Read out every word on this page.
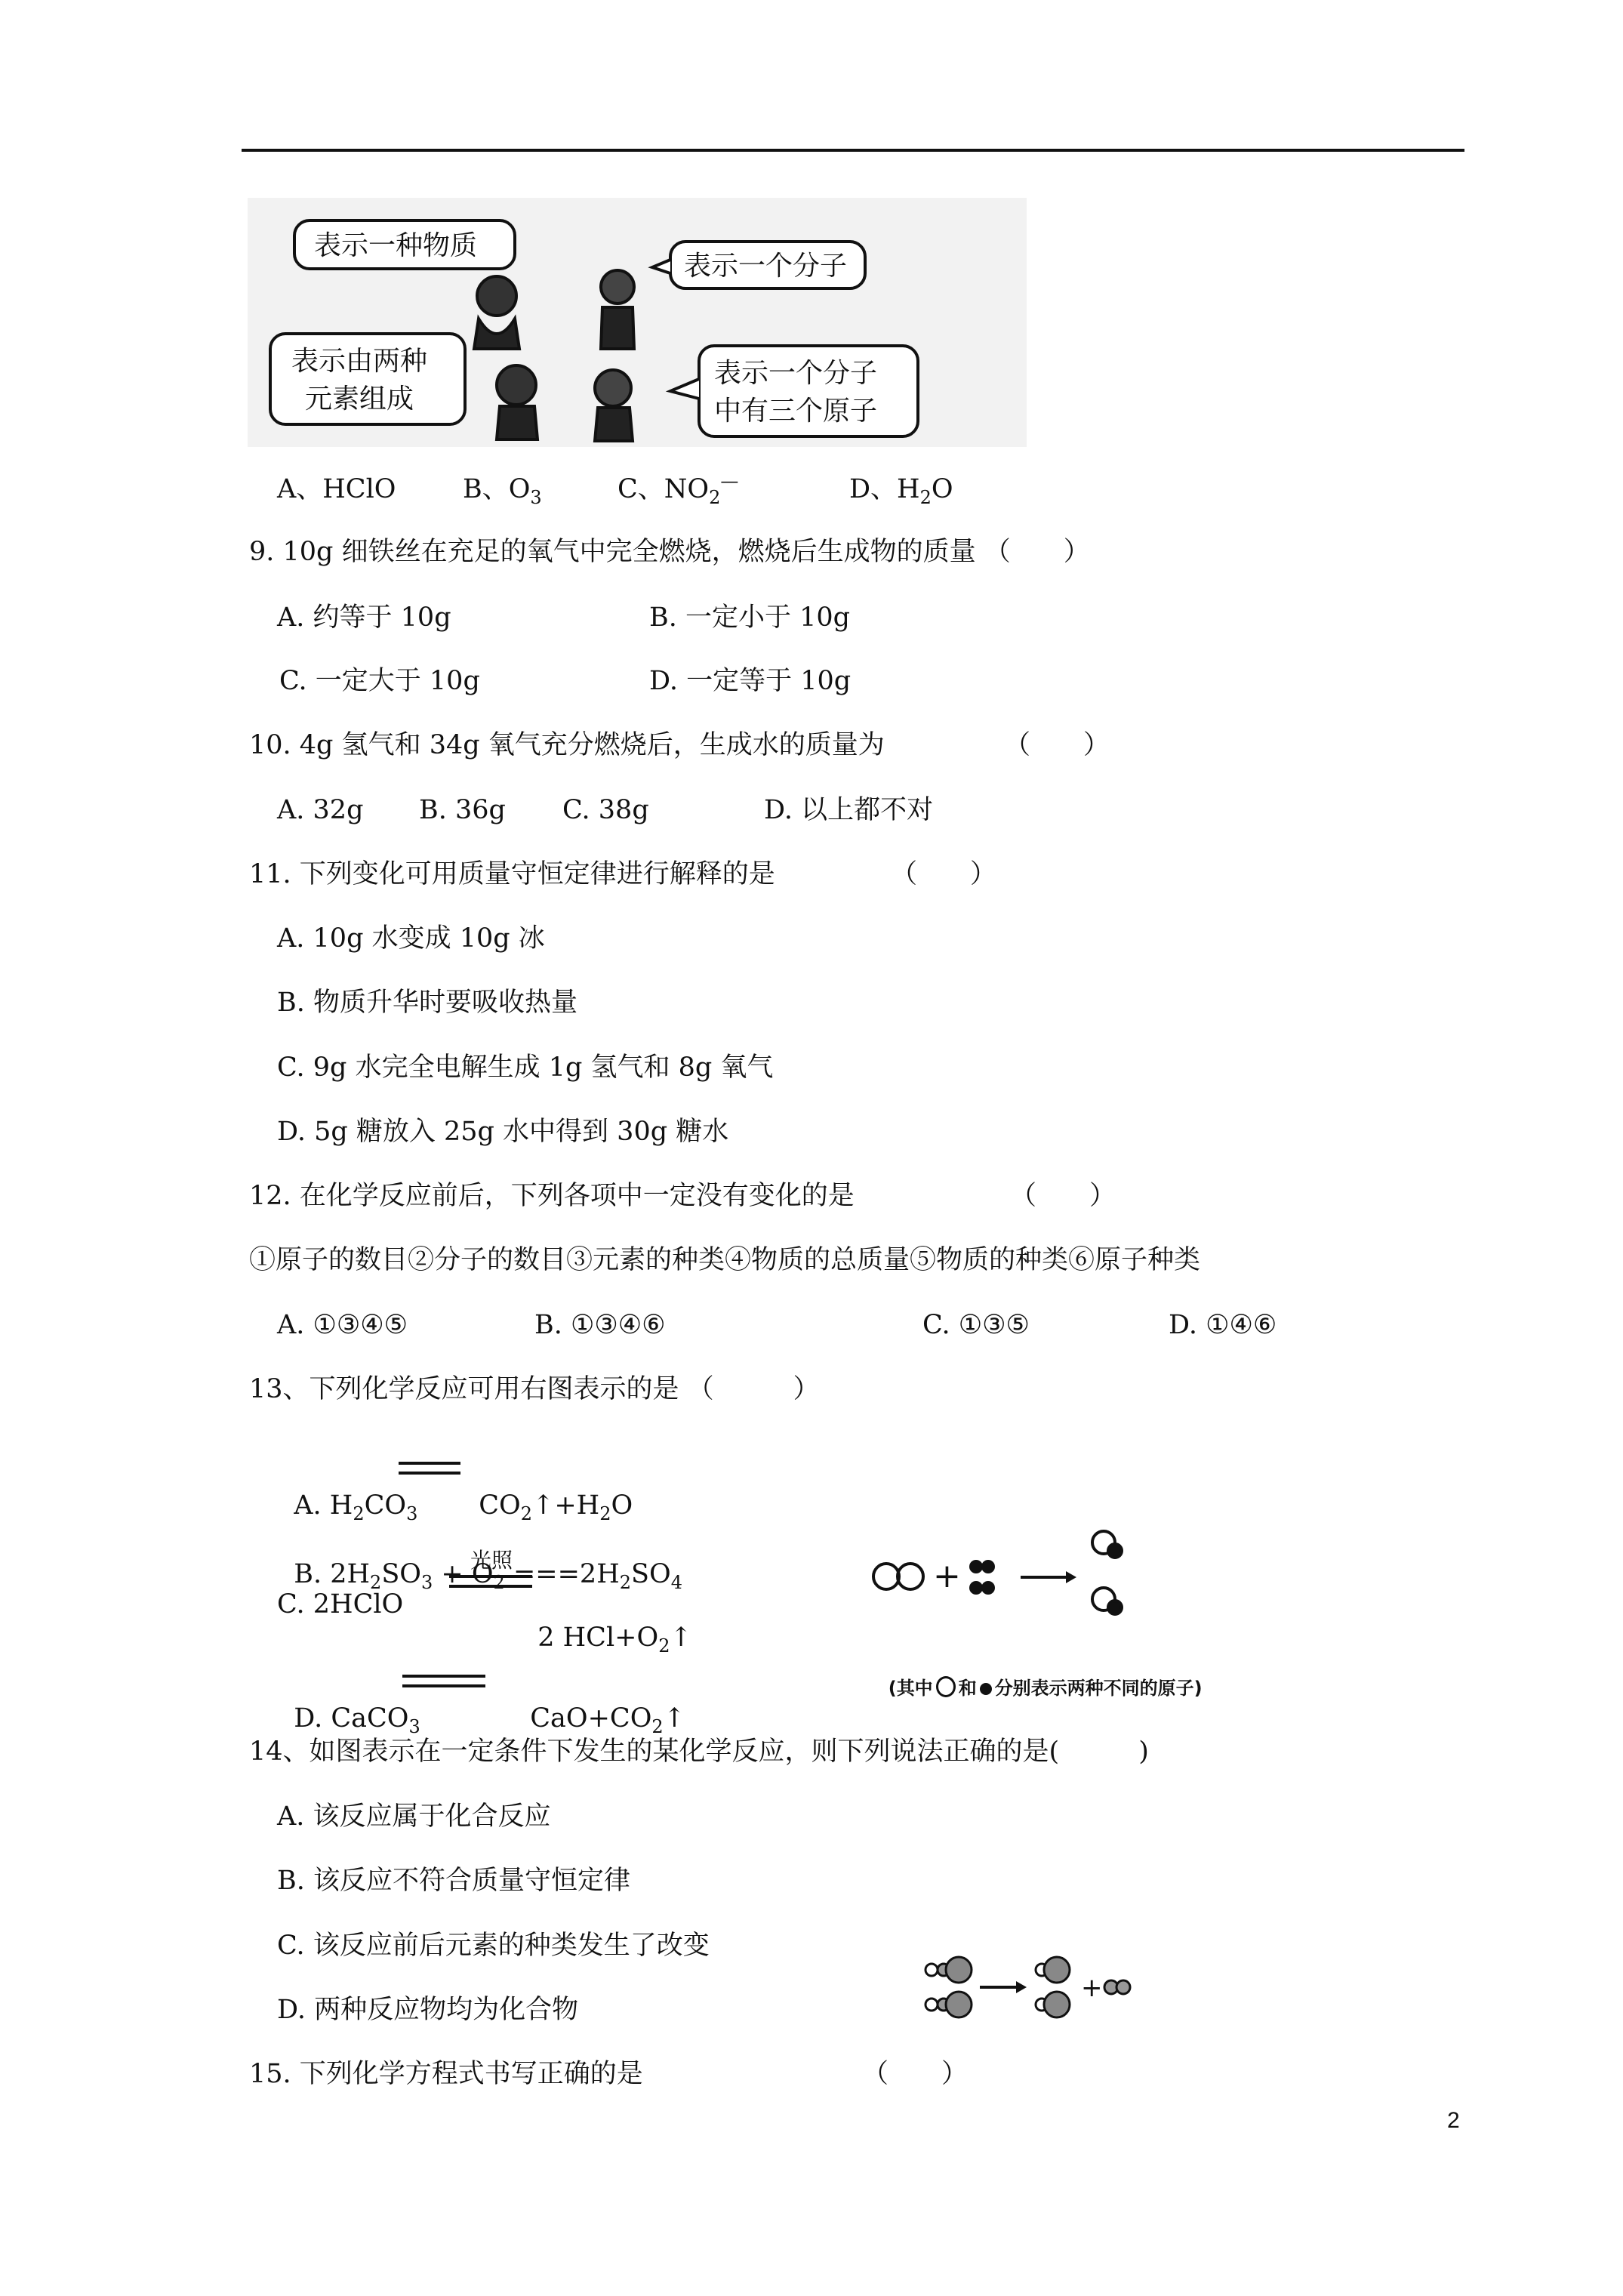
表示一种物质
表示一个分子
表示由两种
元素组成
表示一个分子
中有三个原子
A、HClO	B、$O_3$	C、$NO_2^—$	D、$H_2O$
9. 10g 细铁丝在充足的氧气中完全燃烧，燃烧后生成物的质量 （　　）
A. 约等于 10g	B. 一定小于 10g
C. 一定大于 10g	D. 一定等于 10g
10. 4g 氢气和 34g 氧气充分燃烧后，生成水的质量为	（　　）
A. 32g B. 36g C. 38g	D. 以上都不对
11. 下列变化可用质量守恒定律进行解释的是	（　　）
A. 10g 水变成 10g 冰
B. 物质升华时要吸收热量
C. 9g 水完全电解生成 1g 氢气和 8g 氧气
D. 5g 糖放入 25g 水中得到 30g 糖水
12. 在化学反应前后，下列各项中一定没有变化的是	（　　）
①原子的数目②分子的数目③元素的种类④物质的总质量⑤物质的种类⑥原子种类
A. ①③④⑤	B. ①③④⑥	C. ①③⑤	D. ①④⑥
13、下列化学反应可用右图表示的是 （　　　）

A. $H_2CO_3$	$CO_2↑+H_2O$

B. $2H_2SO_3 + O_2 ===2H_2SO_4$

光照
C. 2HClO

2 $HCl+O_2↑$

D. CaCO$_3$	$CaO+CO_2↑$

+

(其中 和 分别表示两种不同的原子)

14、如图表示在一定条件下发生的某化学反应，则下列说法正确的是(　　　)
A. 该反应属于化合反应
B. 该反应不符合质量守恒定律
C. 该反应前后元素的种类发生了改变
D. 两种反应物均为化合物
+
15. 下列化学方程式书写正确的是	（　　）
2
